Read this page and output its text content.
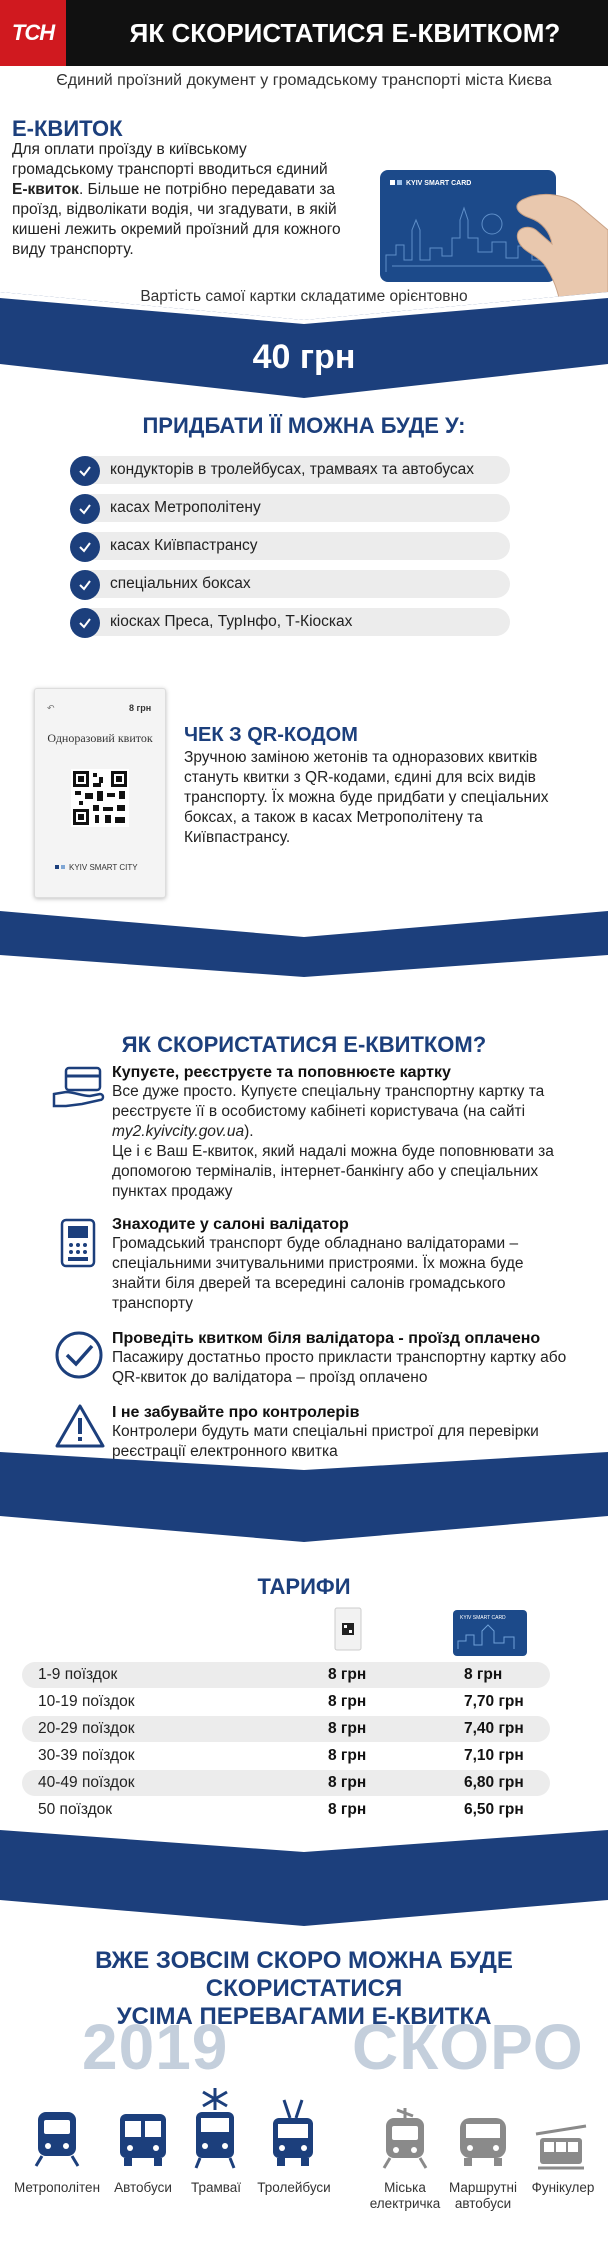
ТСН	ЯК СКОРИСТАТИСЯ Е-КВИТКОМ?
Єдиний проїзний документ у громадському транспорті міста Києва
Е-КВИТОК
Для оплати проїзду в київському громадському транспорті вводиться єдиний Е-квиток. Більше не потрібно передавати за проїзд, відволікати водія, чи згадувати, в якій кишені лежить окремий проїзний для кожного виду транспорту.
KYIV SMART CARD
Вартість самої картки складатиме орієнтовно
40 грн
ПРИДБАТИ ЇЇ МОЖНА БУДЕ У:
кондукторів в тролейбусах, трамваях та автобусах
касах Метрополітену
касах Київпастрансу
спеціальних боксах
кіосках Преса, ТурІнфо, Т-Кіосках
↶	8 грн
Одноразовий квиток
KYIV SMART CITY
ЧЕК З QR-КОДОМ
Зручною заміною жетонів та одноразових квитків стануть квитки з QR-кодами, єдині для всіх видів транспорту. Їх можна буде придбати у спеціальних боксах, а також в касах Метрополітену та Київпастрансу.
ЯК СКОРИСТАТИСЯ Е-КВИТКОМ?
Купуєте, реєструєте та поповнюєте картку
Все дуже просто. Купуєте спеціальну транспортну картку та реєструєте її в особистому кабінеті користувача (на сайті my2.kyivcity.gov.ua).
Це і є Ваш Е-квиток, який надалі можна буде поповнювати за допомогою терміналів, інтернет-банкінгу або у спеціальних пунктах продажу
Знаходите у салоні валідатор
Громадський транспорт буде обладнано валідаторами – спеціальними зчитувальними пристроями. Їх можна буде знайти біля дверей та всередині салонів громадського транспорту
Проведіть квитком біля валідатора - проїзд оплачено
Пасажиру достатньо просто прикласти транспортну картку або QR-квиток до валідатора – проїзд оплачено
І не забувайте про контролерів
Контролери будуть мати спеціальні пристрої для перевірки реєстрації електронного квитка
ТАРИФИ
KYIV SMART CARD
1-9 поїздок	8 грн	8 грн
10-19 поїздок	8 грн	7,70 грн
20-29 поїздок	8 грн	7,40 грн
30-39 поїздок	8 грн	7,10 грн
40-49 поїздок	8 грн	6,80 грн
50 поїздок	8 грн	6,50 грн
ВЖЕ ЗОВСІМ СКОРО МОЖНА БУДЕ СКОРИСТАТИСЯ
УСІМА ПЕРЕВАГАМИ Е-КВИТКА
2019 СКОРО
Метрополітен	Автобуси	Трамваї	Тролейбуси	Міська
електричка
Маршрутні
автобуси
Фунікулер
